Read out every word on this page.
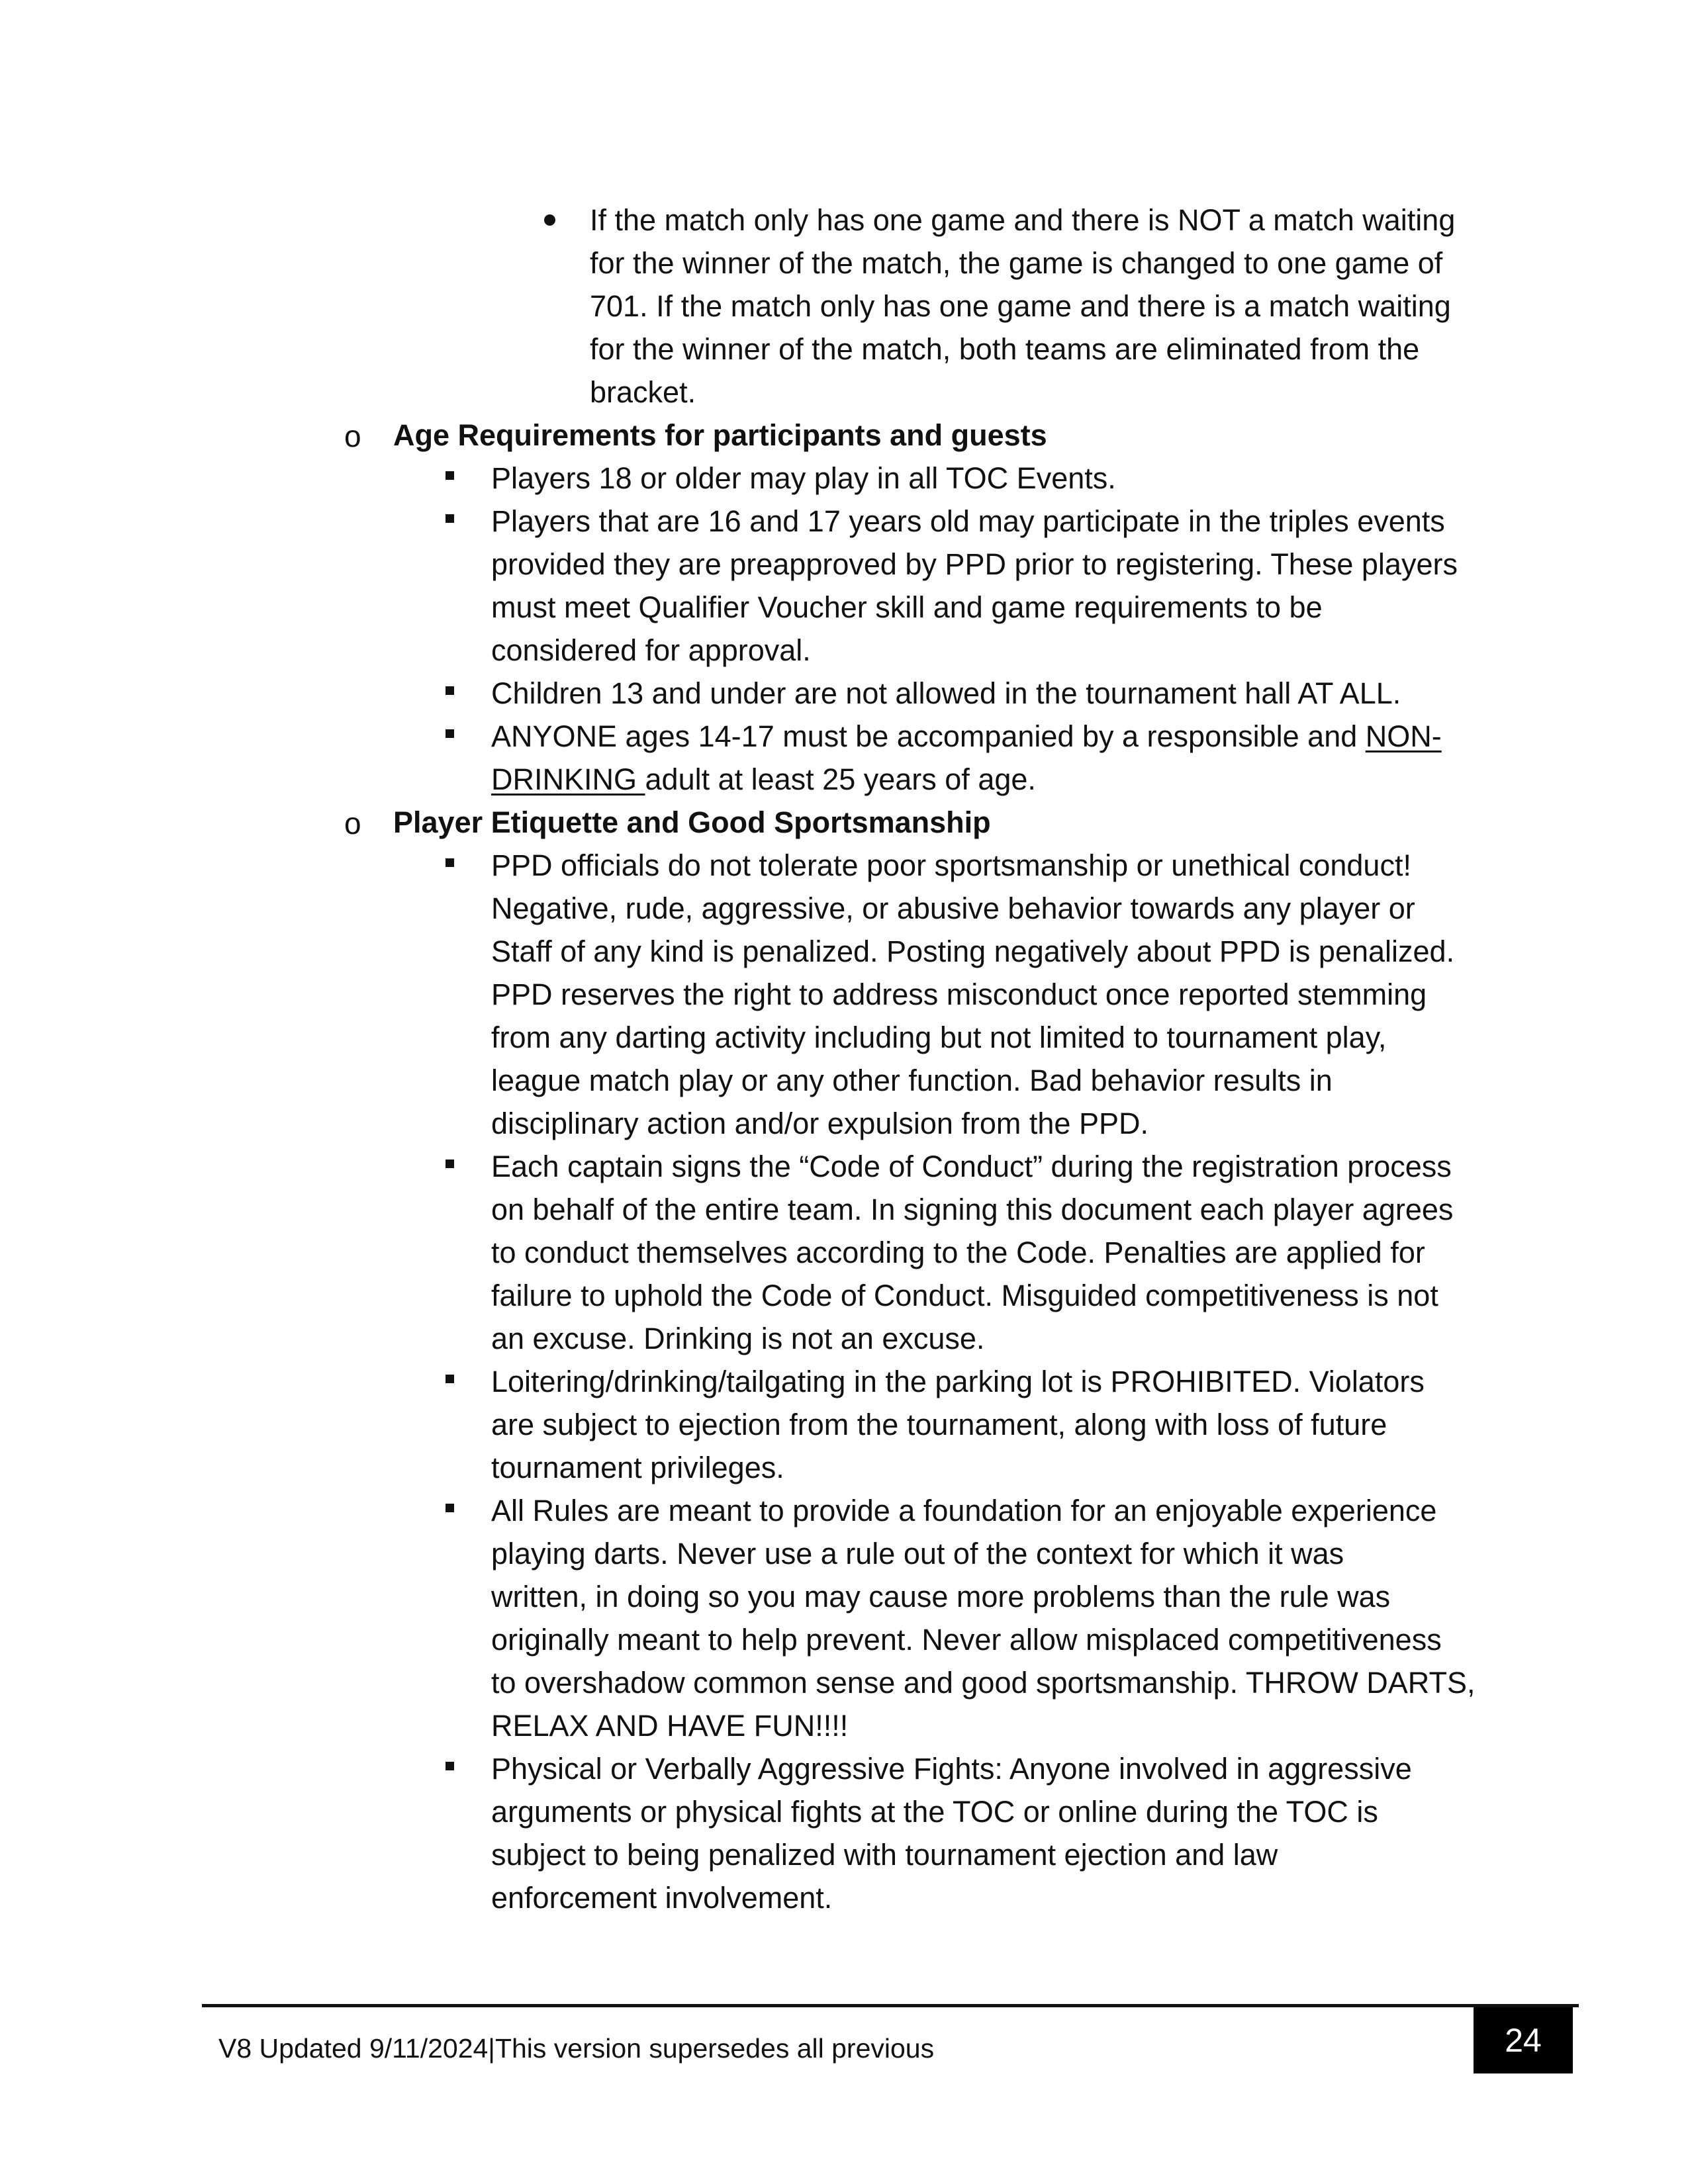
If the match only has one game and there is NOT a match waiting
for the winner of the match, the game is changed to one game of
701. If the match only has one game and there is a match waiting
for the winner of the match, both teams are eliminated from the
bracket.
o Age Requirements for participants and guests
Players 18 or older may play in all TOC Events.
Players that are 16 and 17 years old may participate in the triples events
provided they are preapproved by PPD prior to registering. These players
must meet Qualifier Voucher skill and game requirements to be
considered for approval.
Children 13 and under are not allowed in the tournament hall AT ALL.
ANYONE ages 14-17 must be accompanied by a responsible and NON-
DRINKING adult at least 25 years of age.
o Player Etiquette and Good Sportsmanship
PPD officials do not tolerate poor sportsmanship or unethical conduct!
Negative, rude, aggressive, or abusive behavior towards any player or
Staff of any kind is penalized. Posting negatively about PPD is penalized.
PPD reserves the right to address misconduct once reported stemming
from any darting activity including but not limited to tournament play,
league match play or any other function. Bad behavior results in
disciplinary action and/or expulsion from the PPD.
Each captain signs the “Code of Conduct” during the registration process
on behalf of the entire team. In signing this document each player agrees
to conduct themselves according to the Code. Penalties are applied for
failure to uphold the Code of Conduct. Misguided competitiveness is not
an excuse. Drinking is not an excuse.
Loitering/drinking/tailgating in the parking lot is PROHIBITED. Violators
are subject to ejection from the tournament, along with loss of future
tournament privileges.
All Rules are meant to provide a foundation for an enjoyable experience
playing darts. Never use a rule out of the context for which it was
written, in doing so you may cause more problems than the rule was
originally meant to help prevent. Never allow misplaced competitiveness
to overshadow common sense and good sportsmanship. THROW DARTS,
RELAX AND HAVE FUN!!!!
Physical or Verbally Aggressive Fights: Anyone involved in aggressive
arguments or physical fights at the TOC or online during the TOC is
subject to being penalized with tournament ejection and law
enforcement involvement.
V8 Updated 9/11/2024|This version supersedes all previous	24
